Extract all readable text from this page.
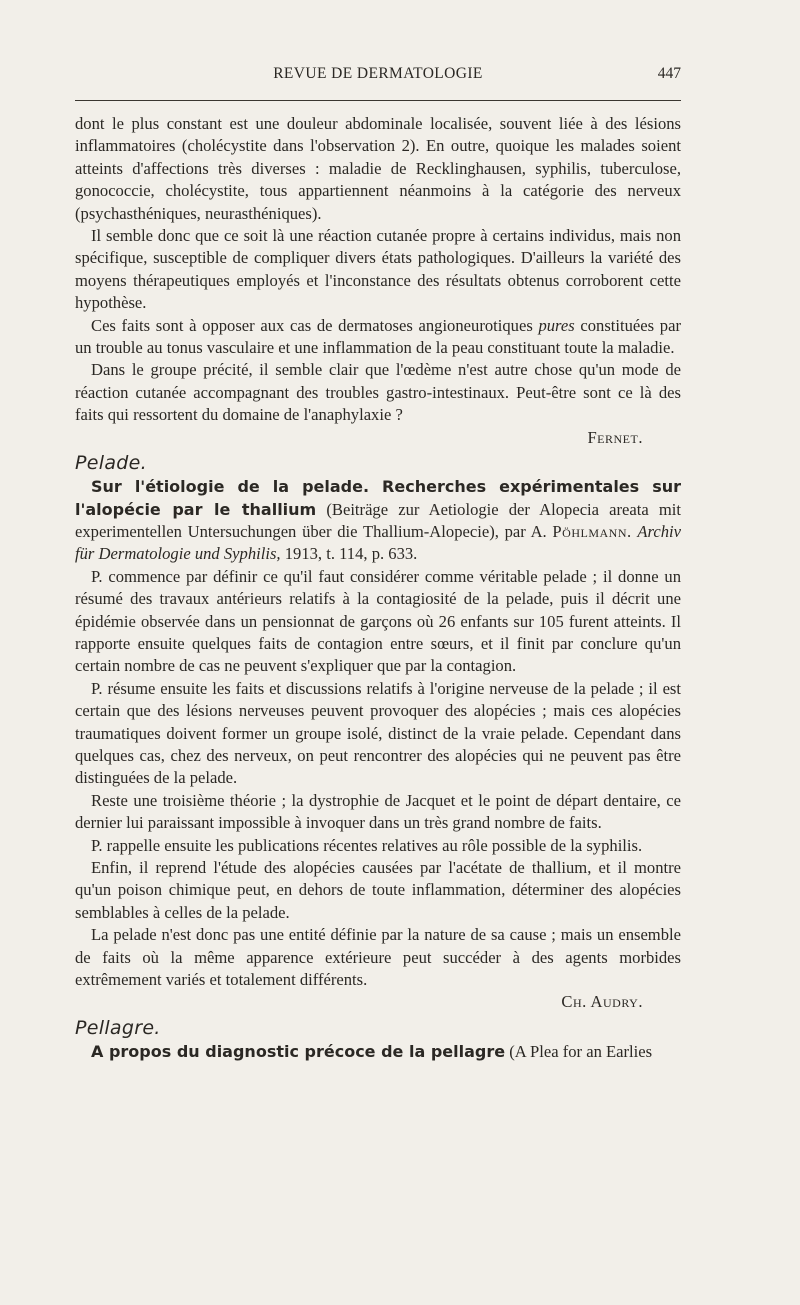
REVUE DE DERMATOLOGIE	447

dont le plus constant est une douleur abdominale localisée, souvent liée à des lésions inflammatoires (cholécystite dans l'observation 2). En outre, quoique les malades soient atteints d'affections très diverses : maladie de Recklinghausen, syphilis, tuberculose, gonococcie, cholécystite, tous appartiennent néanmoins à la catégorie des nerveux (psychasthéniques, neurasthéniques).

Il semble donc que ce soit là une réaction cutanée propre à certains individus, mais non spécifique, susceptible de compliquer divers états pathologiques. D'ailleurs la variété des moyens thérapeutiques employés et l'inconstance des résultats obtenus corroborent cette hypothèse.

Ces faits sont à opposer aux cas de dermatoses angioneurotiques pures constituées par un trouble au tonus vasculaire et une inflammation de la peau constituant toute la maladie.

Dans le groupe précité, il semble clair que l'œdème n'est autre chose qu'un mode de réaction cutanée accompagnant des troubles gastro-intestinaux. Peut-être sont ce là des faits qui ressortent du domaine de l'anaphylaxie ?

Fernet.

Pelade.

Sur l'étiologie de la pelade. Recherches expérimentales sur l'alopécie par le thallium (Beiträge zur Aetiologie der Alopecia areata mit experimentellen Untersuchungen über die Thallium-Alopecie), par A. Pöhlmann. Archiv für Dermatologie und Syphilis, 1913, t. 114, p. 633.

P. commence par définir ce qu'il faut considérer comme véritable pelade ; il donne un résumé des travaux antérieurs relatifs à la contagiosité de la pelade, puis il décrit une épidémie observée dans un pensionnat de garçons où 26 enfants sur 105 furent atteints. Il rapporte ensuite quelques faits de contagion entre sœurs, et il finit par conclure qu'un certain nombre de cas ne peuvent s'expliquer que par la contagion.

P. résume ensuite les faits et discussions relatifs à l'origine nerveuse de la pelade ; il est certain que des lésions nerveuses peuvent provoquer des alopécies ; mais ces alopécies traumatiques doivent former un groupe isolé, distinct de la vraie pelade. Cependant dans quelques cas, chez des nerveux, on peut rencontrer des alopécies qui ne peuvent pas être distinguées de la pelade.

Reste une troisième théorie ; la dystrophie de Jacquet et le point de départ dentaire, ce dernier lui paraissant impossible à invoquer dans un très grand nombre de faits.

P. rappelle ensuite les publications récentes relatives au rôle possible de la syphilis.

Enfin, il reprend l'étude des alopécies causées par l'acétate de thallium, et il montre qu'un poison chimique peut, en dehors de toute inflammation, déterminer des alopécies semblables à celles de la pelade.

La pelade n'est donc pas une entité définie par la nature de sa cause ; mais un ensemble de faits où la même apparence extérieure peut succéder à des agents morbides extrêmement variés et totalement différents.

Ch. Audry.

Pellagre.

A propos du diagnostic précoce de la pellagre (A Plea for an Earlies
